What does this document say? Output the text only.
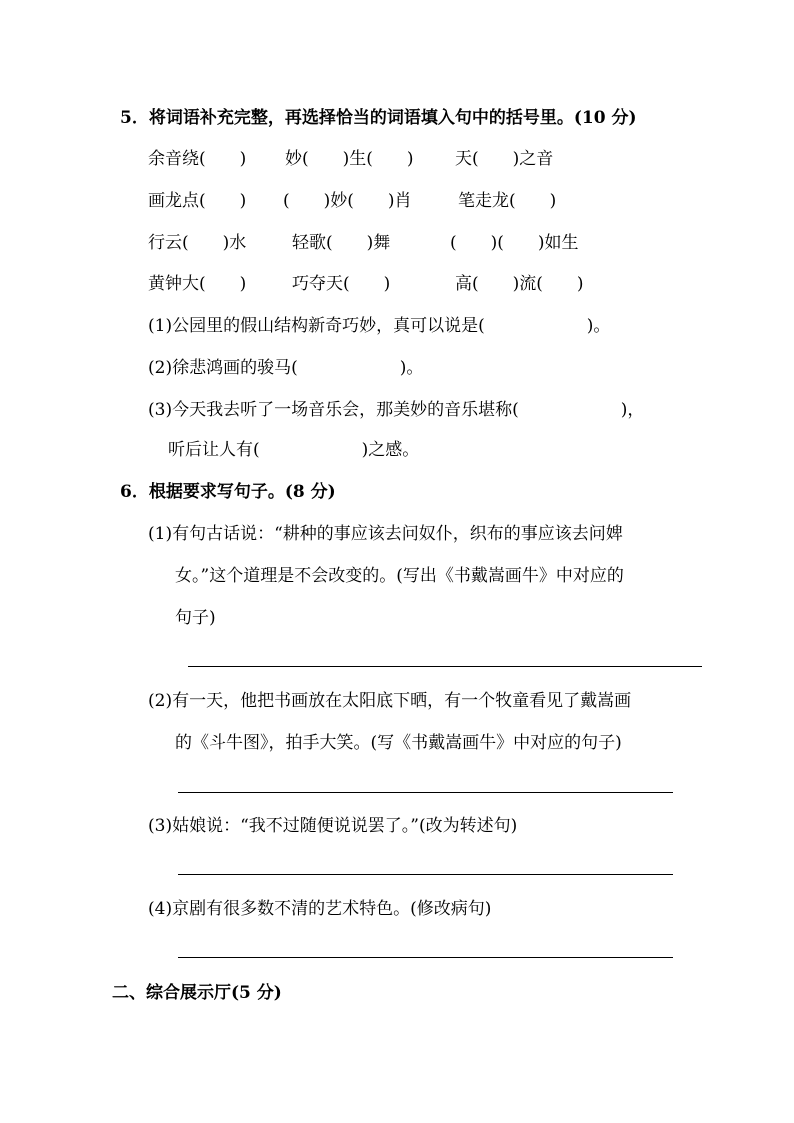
5．将词语补充完整，再选择恰当的词语填入句中的括号里。(10 分)
余音绕(　　) 妙(　　)生(　　) 天(　　)之音
画龙点(　　) (　　)妙(　　)肖	笔走龙(　　)
行云(　　)水	轻歌(　　)舞	(　　)(　　)如生
黄钟大(　　)	巧夺天(　　)	高(　　)流(　　)
(1)公园里的假山结构新奇巧妙，真可以说是(　　　　　　)。
(2)徐悲鸿画的骏马(　　　　　　)。
(3)今天我去听了一场音乐会，那美妙的音乐堪称(　　　　　　)，
听后让人有(　　　　　　)之感。
6．根据要求写句子。(8 分)
(1)有句古话说：“耕种的事应该去问奴仆，织布的事应该去问婢
女。”这个道理是不会改变的。(写出《书戴嵩画牛》中对应的
句子)
(2)有一天，他把书画放在太阳底下晒，有一个牧童看见了戴嵩画
的《斗牛图》，拍手大笑。(写《书戴嵩画牛》中对应的句子)
(3)姑娘说：“我不过随便说说罢了。”(改为转述句)
(4)京剧有很多数不清的艺术特色。(修改病句)
二、综合展示厅(5 分)
